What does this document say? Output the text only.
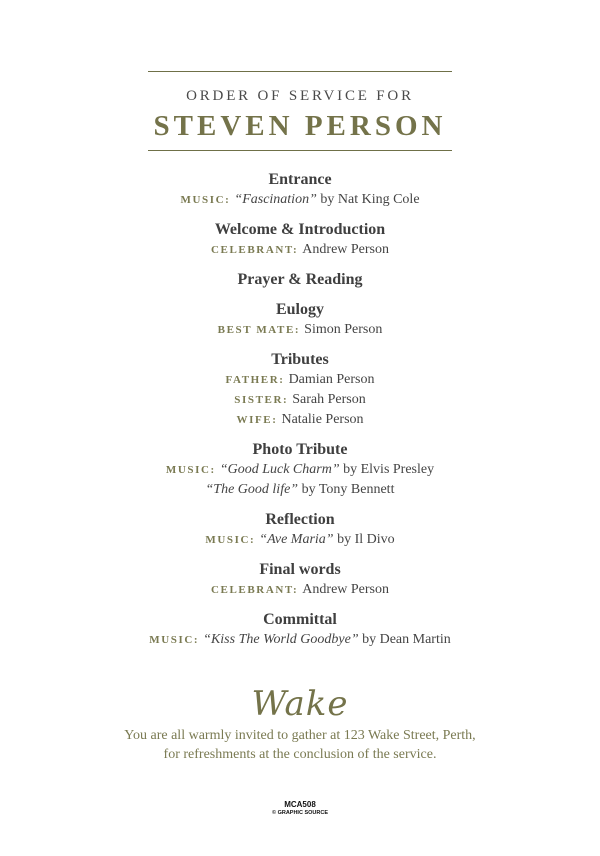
ORDER OF SERVICE FOR
STEVEN PERSON
Entrance
MUSIC: “Fascination” by Nat King Cole
Welcome & Introduction
CELEBRANT: Andrew Person
Prayer & Reading
Eulogy
BEST MATE: Simon Person
Tributes
FATHER: Damian Person
SISTER: Sarah Person
WIFE: Natalie Person
Photo Tribute
MUSIC: “Good Luck Charm” by Elvis Presley
“The Good life” by Tony Bennett
Reflection
MUSIC: “Ave Maria” by Il Divo
Final words
CELEBRANT: Andrew Person
Committal
MUSIC: “Kiss The World Goodbye” by Dean Martin
Wake
You are all warmly invited to gather at 123 Wake Street, Perth,
for refreshments at the conclusion of the service.
MCA508
© GRAPHIC SOURCE
